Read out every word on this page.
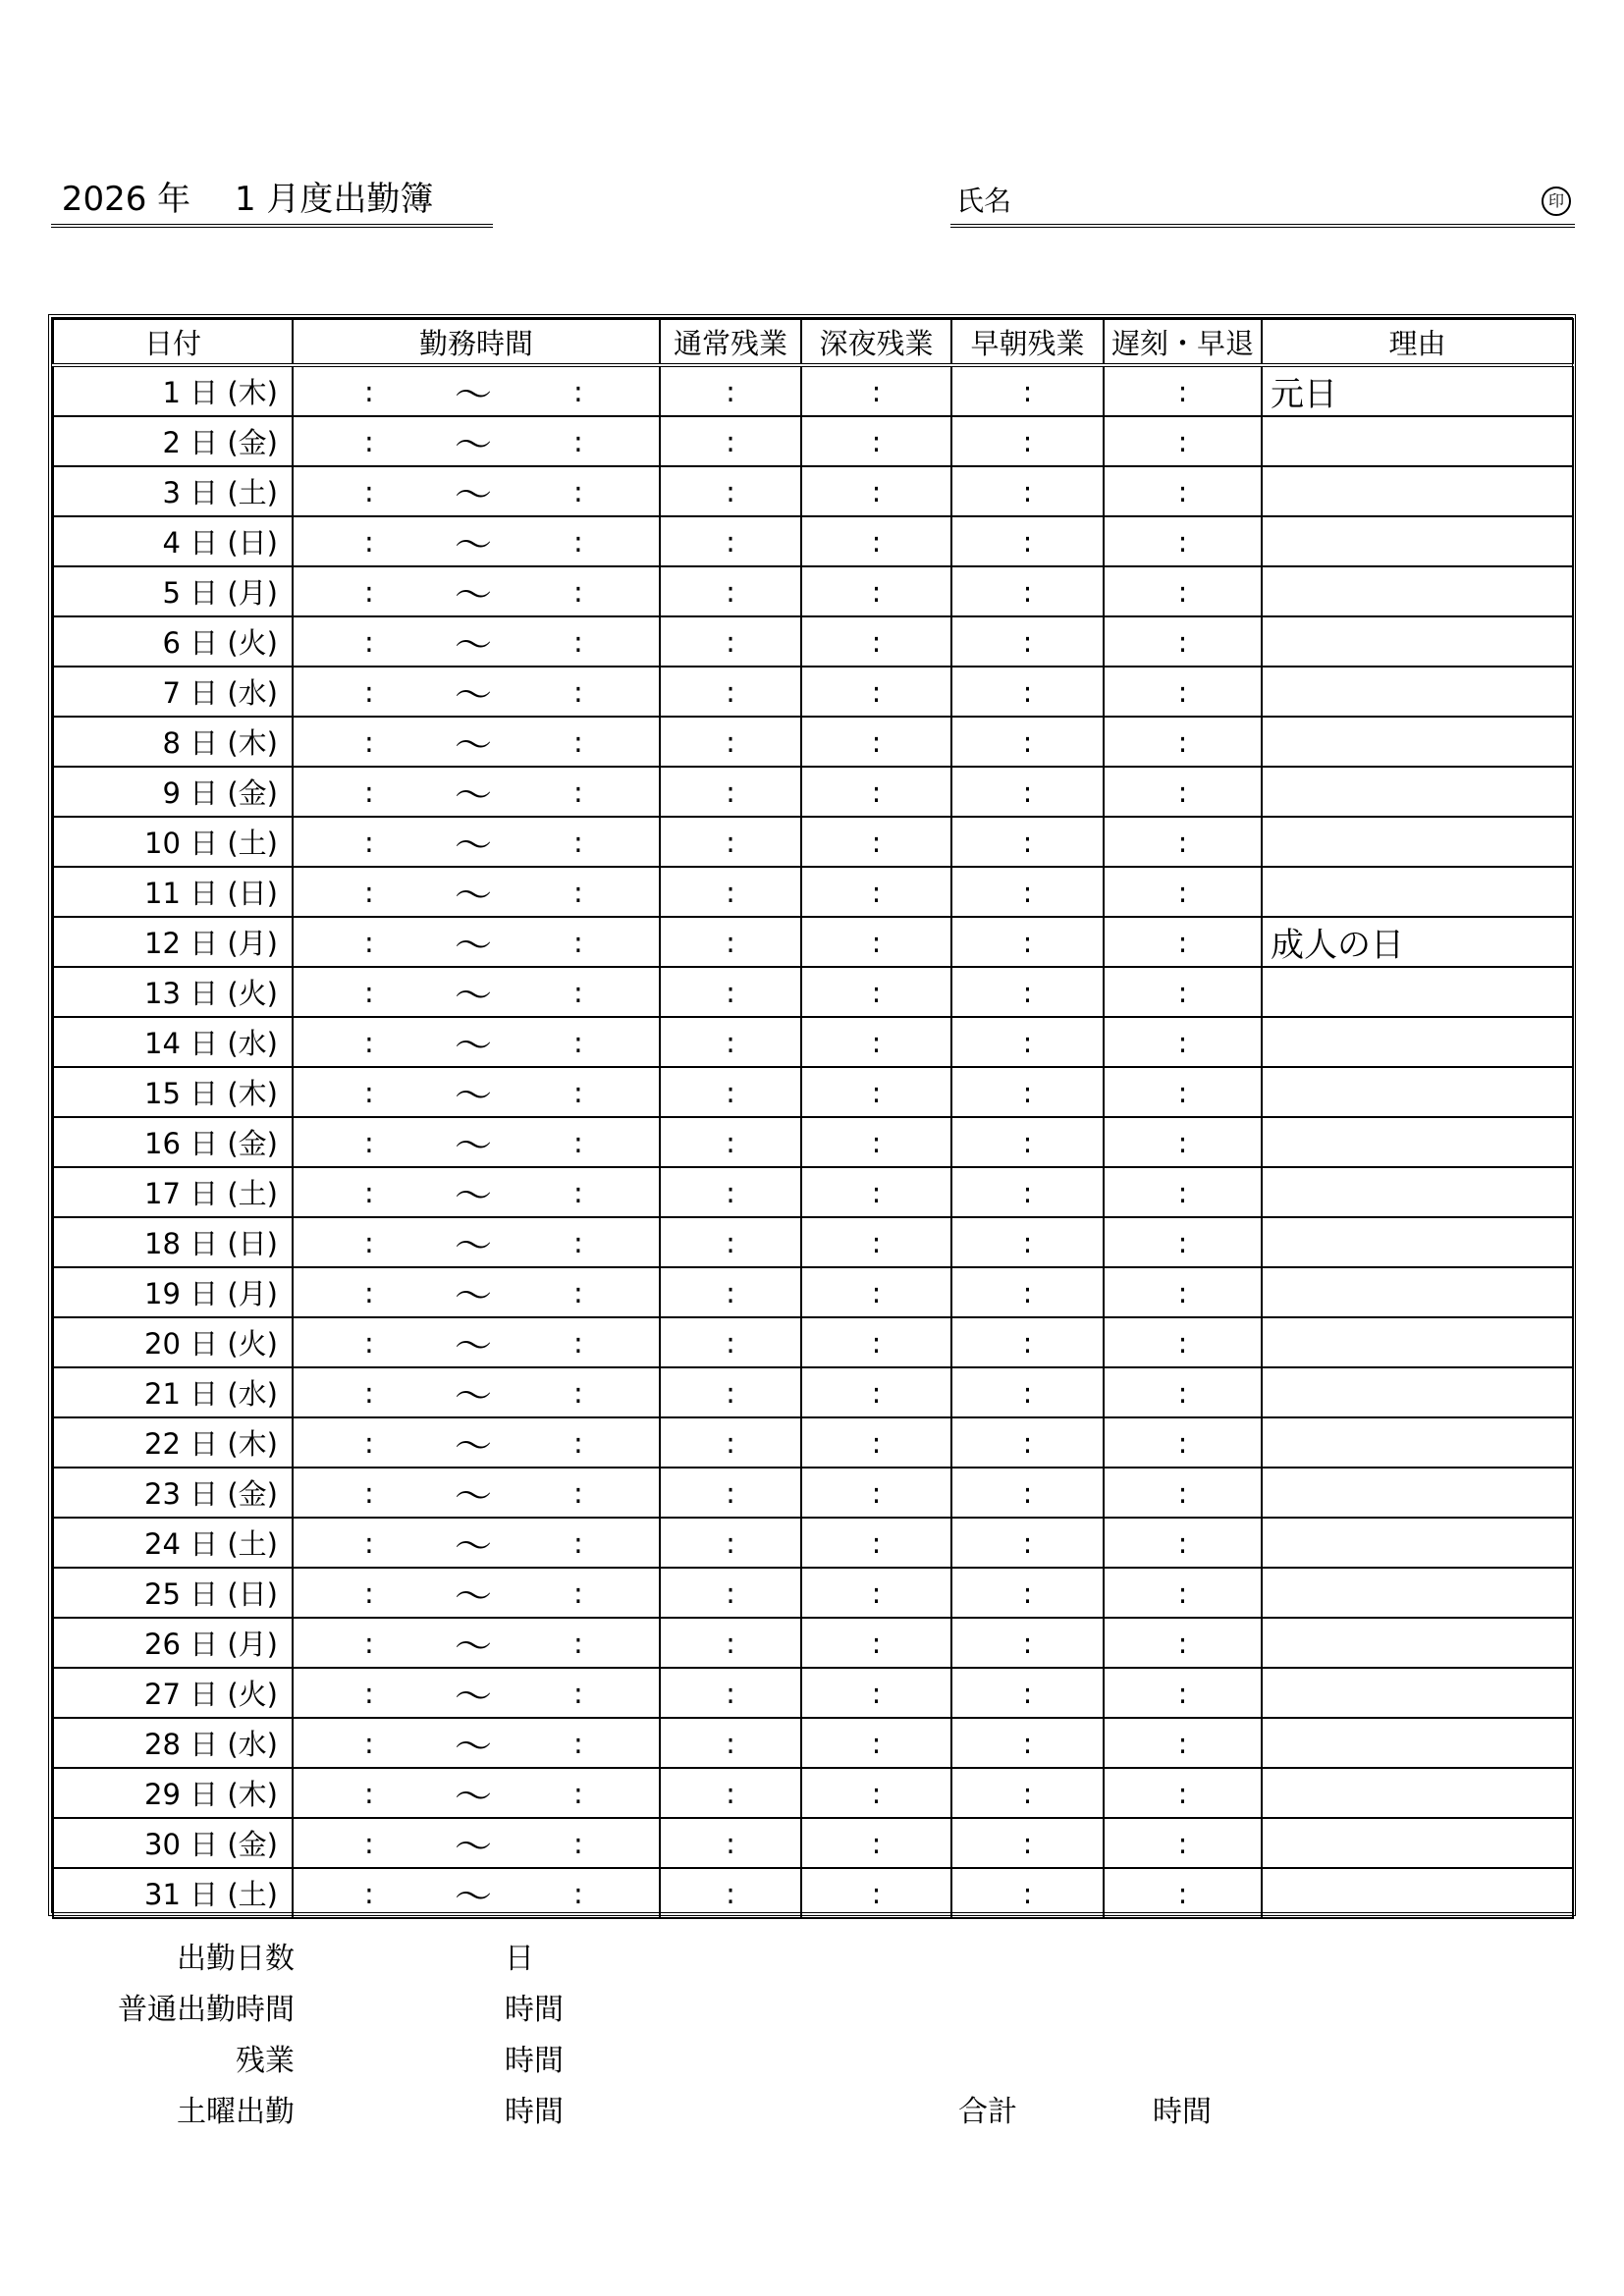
2026 年　 1 月度出勤簿	氏名	印
日付	勤務時間	通常残業	深夜残業	早朝残業	遅刻・早退	理由
1 日 (木)	: ～ :	:	:	:	:	元日
2 日 (金)	: ～ :	:	:	:	:	
3 日 (土)	: ～ :	:	:	:	:	
4 日 (日)	: ～ :	:	:	:	:	
5 日 (月)	: ～ :	:	:	:	:	
6 日 (火)	: ～ :	:	:	:	:	
7 日 (水)	: ～ :	:	:	:	:	
8 日 (木)	: ～ :	:	:	:	:	
9 日 (金)	: ～ :	:	:	:	:	
10 日 (土)	: ～ :	:	:	:	:	
11 日 (日)	: ～ :	:	:	:	:	
12 日 (月)	: ～ :	:	:	:	:	成人の日
13 日 (火)	: ～ :	:	:	:	:	
14 日 (水)	: ～ :	:	:	:	:	
15 日 (木)	: ～ :	:	:	:	:	
16 日 (金)	: ～ :	:	:	:	:	
17 日 (土)	: ～ :	:	:	:	:	
18 日 (日)	: ～ :	:	:	:	:	
19 日 (月)	: ～ :	:	:	:	:	
20 日 (火)	: ～ :	:	:	:	:	
21 日 (水)	: ～ :	:	:	:	:	
22 日 (木)	: ～ :	:	:	:	:	
23 日 (金)	: ～ :	:	:	:	:	
24 日 (土)	: ～ :	:	:	:	:	
25 日 (日)	: ～ :	:	:	:	:	
26 日 (月)	: ～ :	:	:	:	:	
27 日 (火)	: ～ :	:	:	:	:	
28 日 (水)	: ～ :	:	:	:	:	
29 日 (木)	: ～ :	:	:	:	:	
30 日 (金)	: ～ :	:	:	:	:	
31 日 (土)	: ～ :	:	:	:	:	
出勤日数	日
普通出勤時間	時間
残業	時間
土曜出勤	時間	合計	時間
